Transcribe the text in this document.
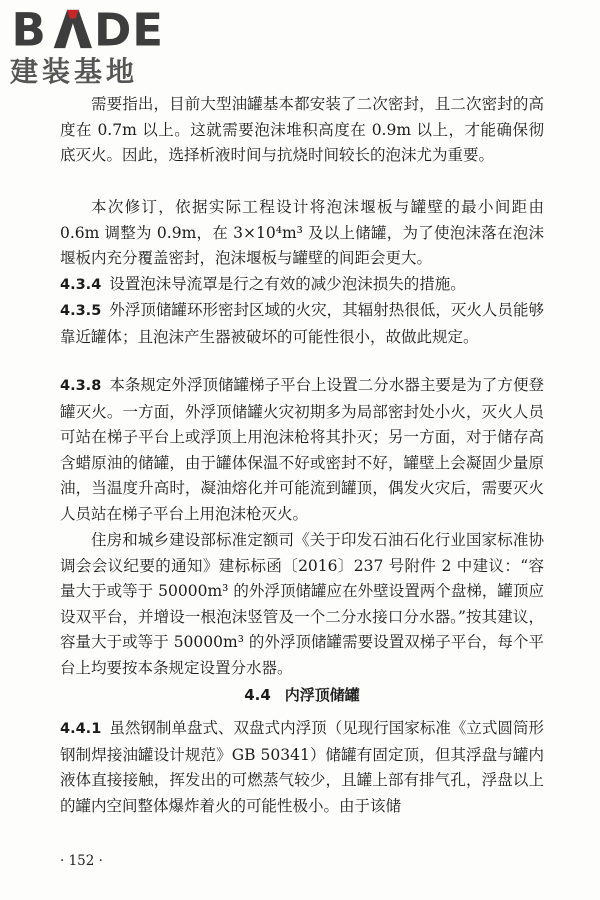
B DE
建装基地

需要指出，目前大型油罐基本都安装了二次密封，且二次密封的高度在 0.7m 以上。这就需要泡沫堆积高度在 0.9m 以上，才能确保彻底灭火。因此，选择析液时间与抗烧时间较长的泡沫尤为重要。

本次修订，依据实际工程设计将泡沫堰板与罐壁的最小间距由 0.6m 调整为 0.9m，在 3×10⁴m³ 及以上储罐，为了使泡沫落在泡沫堰板内充分覆盖密封，泡沫堰板与罐壁的间距会更大。

4.3.4 设置泡沫导流罩是行之有效的减少泡沫损失的措施。

4.3.5 外浮顶储罐环形密封区域的火灾，其辐射热很低，灭火人员能够靠近罐体；且泡沫产生器被破坏的可能性很小，故做此规定。

4.3.8 本条规定外浮顶储罐梯子平台上设置二分水器主要是为了方便登罐灭火。一方面，外浮顶储罐火灾初期多为局部密封处小火，灭火人员可站在梯子平台上或浮顶上用泡沫枪将其扑灭；另一方面，对于储存高含蜡原油的储罐，由于罐体保温不好或密封不好，罐壁上会凝固少量原油，当温度升高时，凝油熔化并可能流到罐顶，偶发火灾后，需要灭火人员站在梯子平台上用泡沫枪灭火。

住房和城乡建设部标准定额司《关于印发石油石化行业国家标准协调会会议纪要的通知》建标标函〔2016〕237 号附件 2 中建议：“容量大于或等于 50000m³ 的外浮顶储罐应在外壁设置两个盘梯，罐顶应设双平台，并增设一根泡沫竖管及一个二分水接口分水器。”按其建议，容量大于或等于 50000m³ 的外浮顶储罐需要设置双梯子平台，每个平台上均要按本条规定设置分水器。

4.4 内浮顶储罐

4.4.1 虽然钢制单盘式、双盘式内浮顶（见现行国家标准《立式圆筒形钢制焊接油罐设计规范》GB 50341）储罐有固定顶，但其浮盘与罐内液体直接接触，挥发出的可燃蒸气较少，且罐上部有排气孔，浮盘以上的罐内空间整体爆炸着火的可能性极小。由于该储

· 152 ·
